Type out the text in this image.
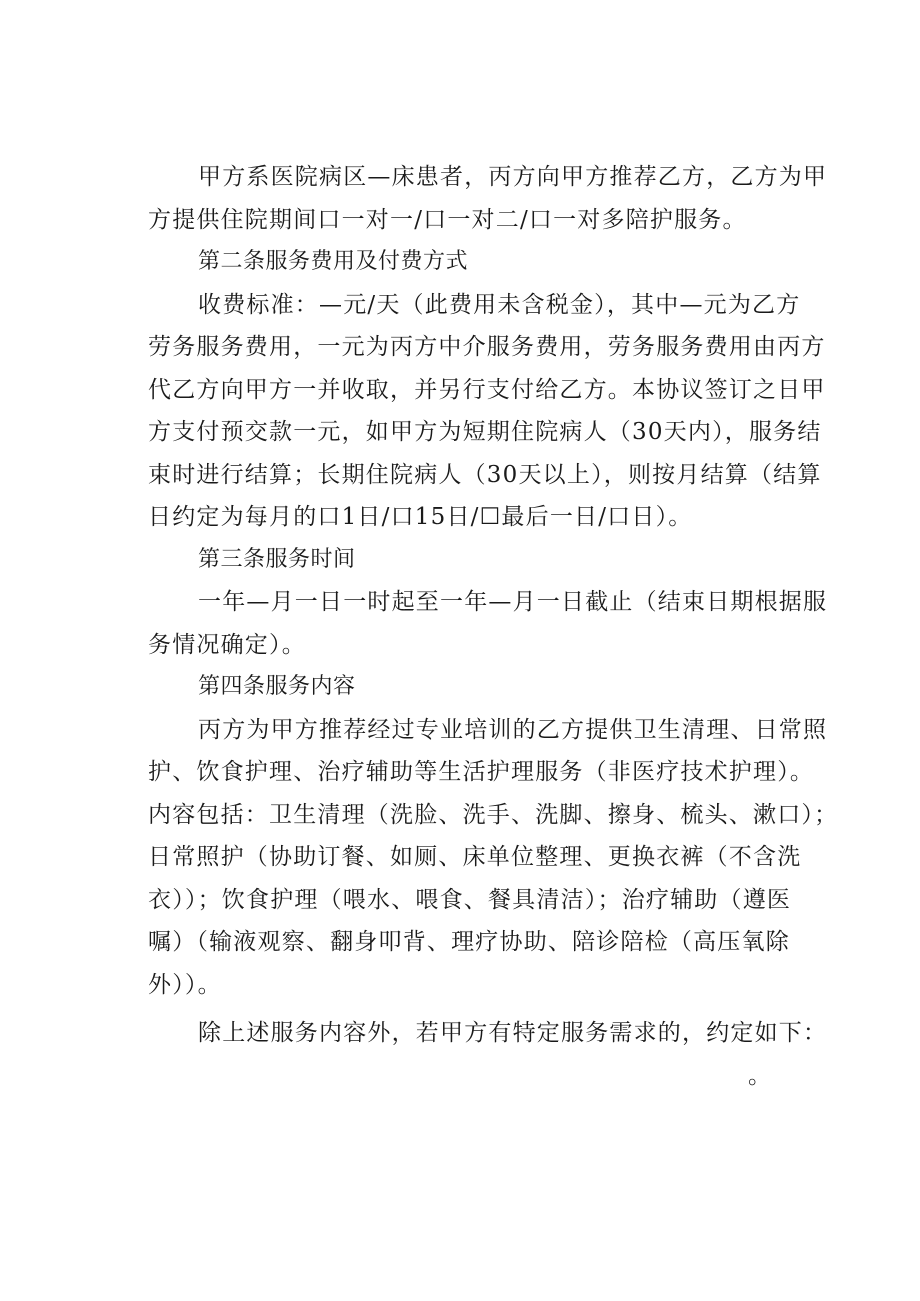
甲方系医院病区—床患者，丙方向甲方推荐乙方，乙方为甲
方提供住院期间口一对一/口一对二/口一对多陪护服务。
第二条服务费用及付费方式
收费标准：—元/天（此费用未含税金），其中—元为乙方
劳务服务费用，一元为丙方中介服务费用，劳务服务费用由丙方
代乙方向甲方一并收取，并另行支付给乙方。本协议签订之日甲
方支付预交款一元，如甲方为短期住院病人（30天内），服务结
束时进行结算；长期住院病人（30天以上），则按月结算（结算
日约定为每月的口1日/口15日/☐最后一日/口日）。
第三条服务时间
一年—月一日一时起至一年—月一日截止（结束日期根据服
务情况确定）。
第四条服务内容
丙方为甲方推荐经过专业培训的乙方提供卫生清理、日常照
护、饮食护理、治疗辅助等生活护理服务（非医疗技术护理）。
内容包括：卫生清理（洗脸、洗手、洗脚、擦身、梳头、漱口）；
日常照护（协助订餐、如厕、床单位整理、更换衣裤（不含洗
衣））；饮食护理（喂水、喂食、餐具清洁）；治疗辅助（遵医
嘱）（输液观察、翻身叩背、理疗协助、陪诊陪检（高压氧除
外））。
除上述服务内容外，若甲方有特定服务需求的，约定如下：
。
